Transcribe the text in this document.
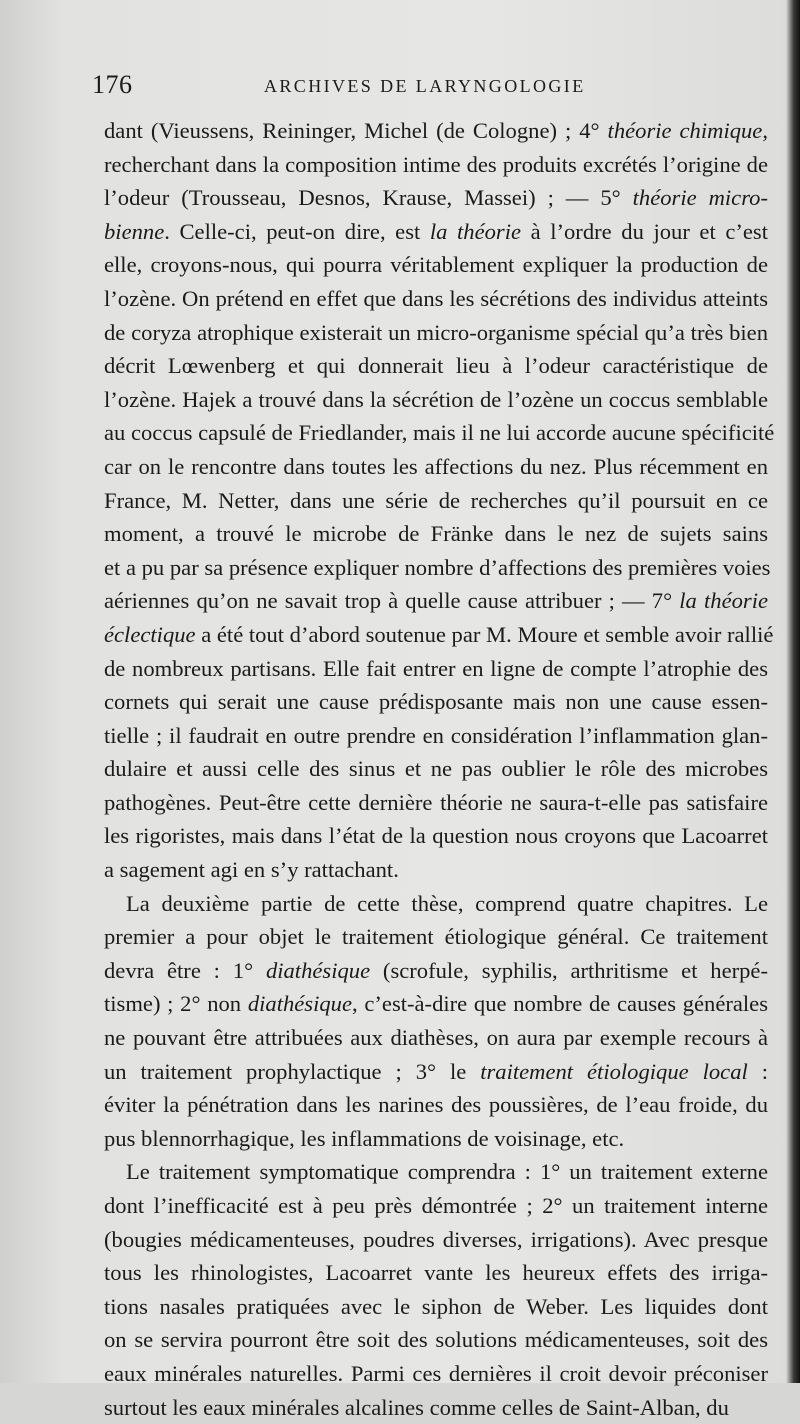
176	ARCHIVES DE LARYNGOLOGIE
dant (Vieussens, Reininger, Michel (de Cologne) ; 4° théorie chimique,
recherchant dans la composition intime des produits excrétés l’origine de
l’odeur (Trousseau, Desnos, Krause, Massei) ; — 5° théorie micro-
bienne. Celle-ci, peut-on dire, est la théorie à l’ordre du jour et c’est
elle, croyons-nous, qui pourra véritablement expliquer la production de
l’ozène. On prétend en effet que dans les sécrétions des individus atteints
de coryza atrophique existerait un micro-organisme spécial qu’a très bien
décrit Lœwenberg et qui donnerait lieu à l’odeur caractéristique de
l’ozène. Hajek a trouvé dans la sécrétion de l’ozène un coccus semblable
au coccus capsulé de Friedlander, mais il ne lui accorde aucune spécificité
car on le rencontre dans toutes les affections du nez. Plus récemment en
France, M. Netter, dans une série de recherches qu’il poursuit en ce
moment, a trouvé le microbe de Fränke dans le nez de sujets sains
et a pu par sa présence expliquer nombre d’affections des premières voies
aériennes qu’on ne savait trop à quelle cause attribuer ; — 7° la théorie
éclectique a été tout d’abord soutenue par M. Moure et semble avoir rallié
de nombreux partisans. Elle fait entrer en ligne de compte l’atrophie des
cornets qui serait une cause prédisposante mais non une cause essen-
tielle ; il faudrait en outre prendre en considération l’inflammation glan-
dulaire et aussi celle des sinus et ne pas oublier le rôle des microbes
pathogènes. Peut-être cette dernière théorie ne saura-t-elle pas satisfaire
les rigoristes, mais dans l’état de la question nous croyons que Lacoarret
a sagement agi en s’y rattachant.
La deuxième partie de cette thèse, comprend quatre chapitres. Le
premier a pour objet le traitement étiologique général. Ce traitement
devra être : 1° diathésique (scrofule, syphilis, arthritisme et herpé-
tisme) ; 2° non diathésique, c’est-à-dire que nombre de causes générales
ne pouvant être attribuées aux diathèses, on aura par exemple recours à
un traitement prophylactique ; 3° le traitement étiologique local :
éviter la pénétration dans les narines des poussières, de l’eau froide, du
pus blennorrhagique, les inflammations de voisinage, etc.
Le traitement symptomatique comprendra : 1° un traitement externe
dont l’inefficacité est à peu près démontrée ; 2° un traitement interne
(bougies médicamenteuses, poudres diverses, irrigations). Avec presque
tous les rhinologistes, Lacoarret vante les heureux effets des irriga-
tions nasales pratiquées avec le siphon de Weber. Les liquides dont
on se servira pourront être soit des solutions médicamenteuses, soit des
eaux minérales naturelles. Parmi ces dernières il croit devoir préconiser
surtout les eaux minérales alcalines comme celles de Saint-Alban, du
